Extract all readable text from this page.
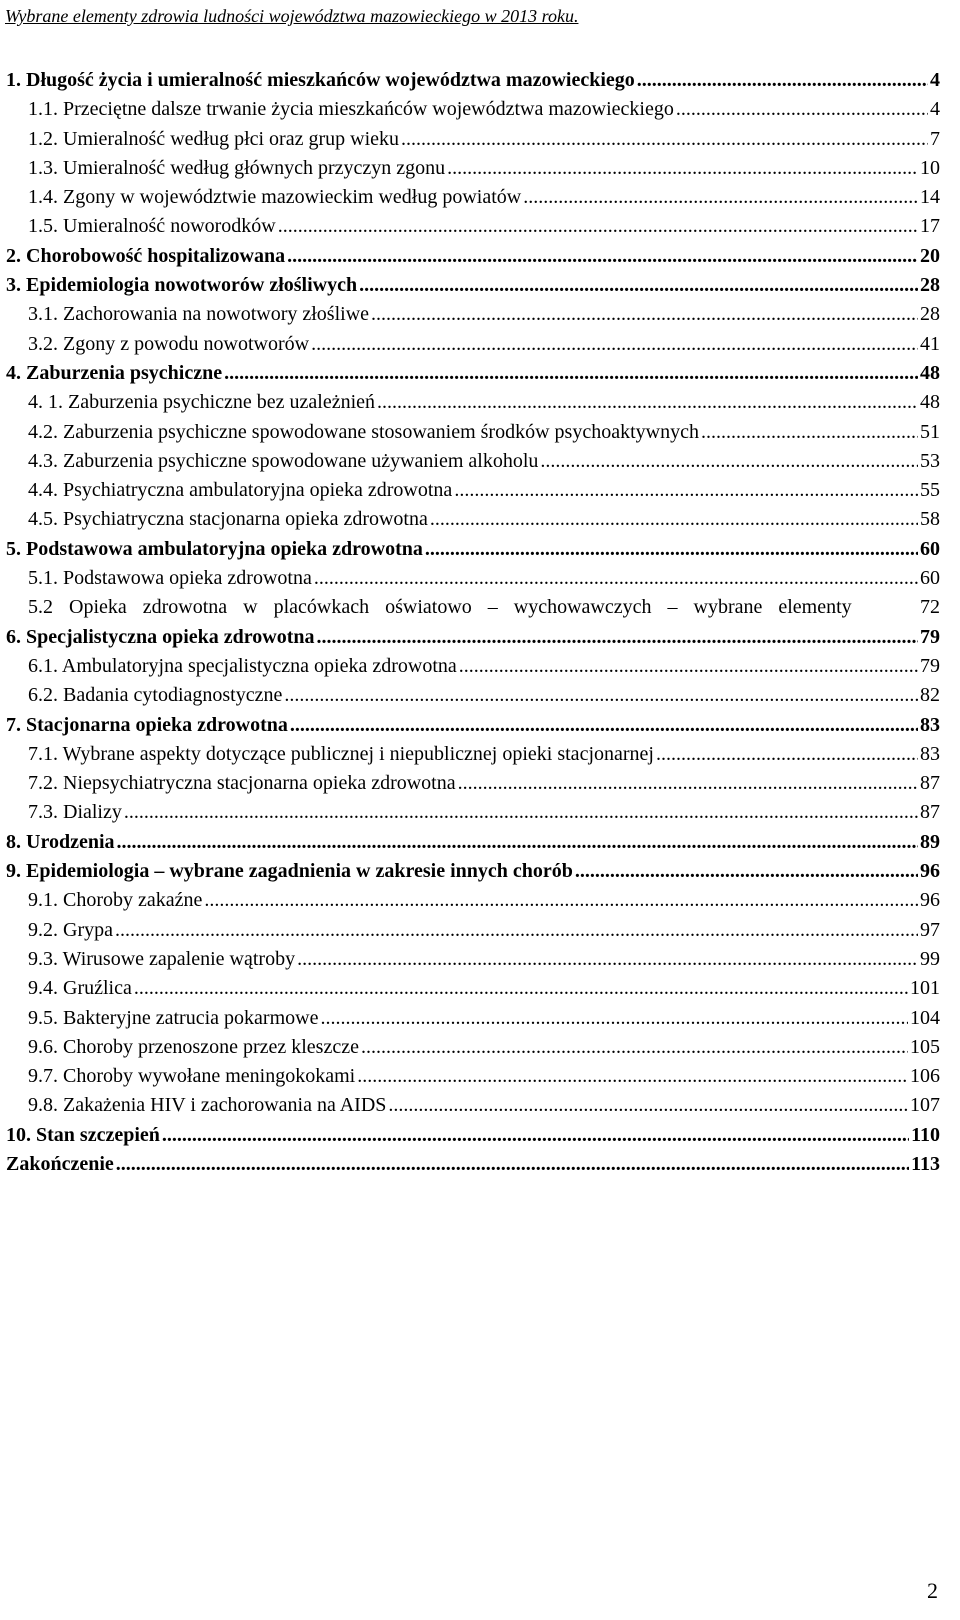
Wybrane elementy zdrowia ludności województwa mazowieckiego w 2013 roku.
1. Długość życia i umieralność mieszkańców województwa mazowieckiego .....	4
1.1. Przeciętne dalsze trwanie życia mieszkańców województwa mazowieckiego .....	4
1.2. Umieralność według płci oraz grup wieku .....	7
1.3. Umieralność według głównych przyczyn zgonu .....	10
1.4. Zgony w województwie mazowieckim według powiatów .....	14
1.5. Umieralność noworodków .....	17
2. Chorobowość hospitalizowana .....	20
3. Epidemiologia nowotworów złośliwych .....	28
3.1. Zachorowania na nowotwory złośliwe .....	28
3.2. Zgony z powodu nowotworów .....	41
4. Zaburzenia psychiczne .....	48
4. 1. Zaburzenia psychiczne bez uzależnień .....	48
4.2. Zaburzenia psychiczne spowodowane stosowaniem środków psychoaktywnych .....	51
4.3. Zaburzenia psychiczne spowodowane używaniem alkoholu .....	53
4.4. Psychiatryczna ambulatoryjna opieka zdrowotna .....	55
4.5. Psychiatryczna stacjonarna opieka zdrowotna .....	58
5. Podstawowa ambulatoryjna opieka zdrowotna .....	60
5.1. Podstawowa opieka zdrowotna .....	60
5.2 Opieka zdrowotna w placówkach oświatowo – wychowawczych – wybrane elementy	72
6. Specjalistyczna opieka zdrowotna .....	79
6.1. Ambulatoryjna specjalistyczna opieka zdrowotna .....	79
6.2. Badania cytodiagnostyczne .....	82
7. Stacjonarna opieka zdrowotna .....	83
7.1. Wybrane aspekty dotyczące publicznej i niepublicznej opieki stacjonarnej .....	83
7.2. Niepsychiatryczna stacjonarna opieka zdrowotna .....	87
7.3. Dializy .....	87
8. Urodzenia .....	89
9. Epidemiologia – wybrane zagadnienia w zakresie innych chorób .....	96
9.1. Choroby zakaźne .....	96
9.2. Grypa .....	97
9.3. Wirusowe zapalenie wątroby .....	99
9.4. Gruźlica .....	101
9.5. Bakteryjne zatrucia pokarmowe .....	104
9.6. Choroby przenoszone przez kleszcze .....	105
9.7. Choroby wywołane meningokokami .....	106
9.8. Zakażenia HIV i zachorowania na AIDS .....	107
10. Stan szczepień .....	110
Zakończenie .....	113
2
